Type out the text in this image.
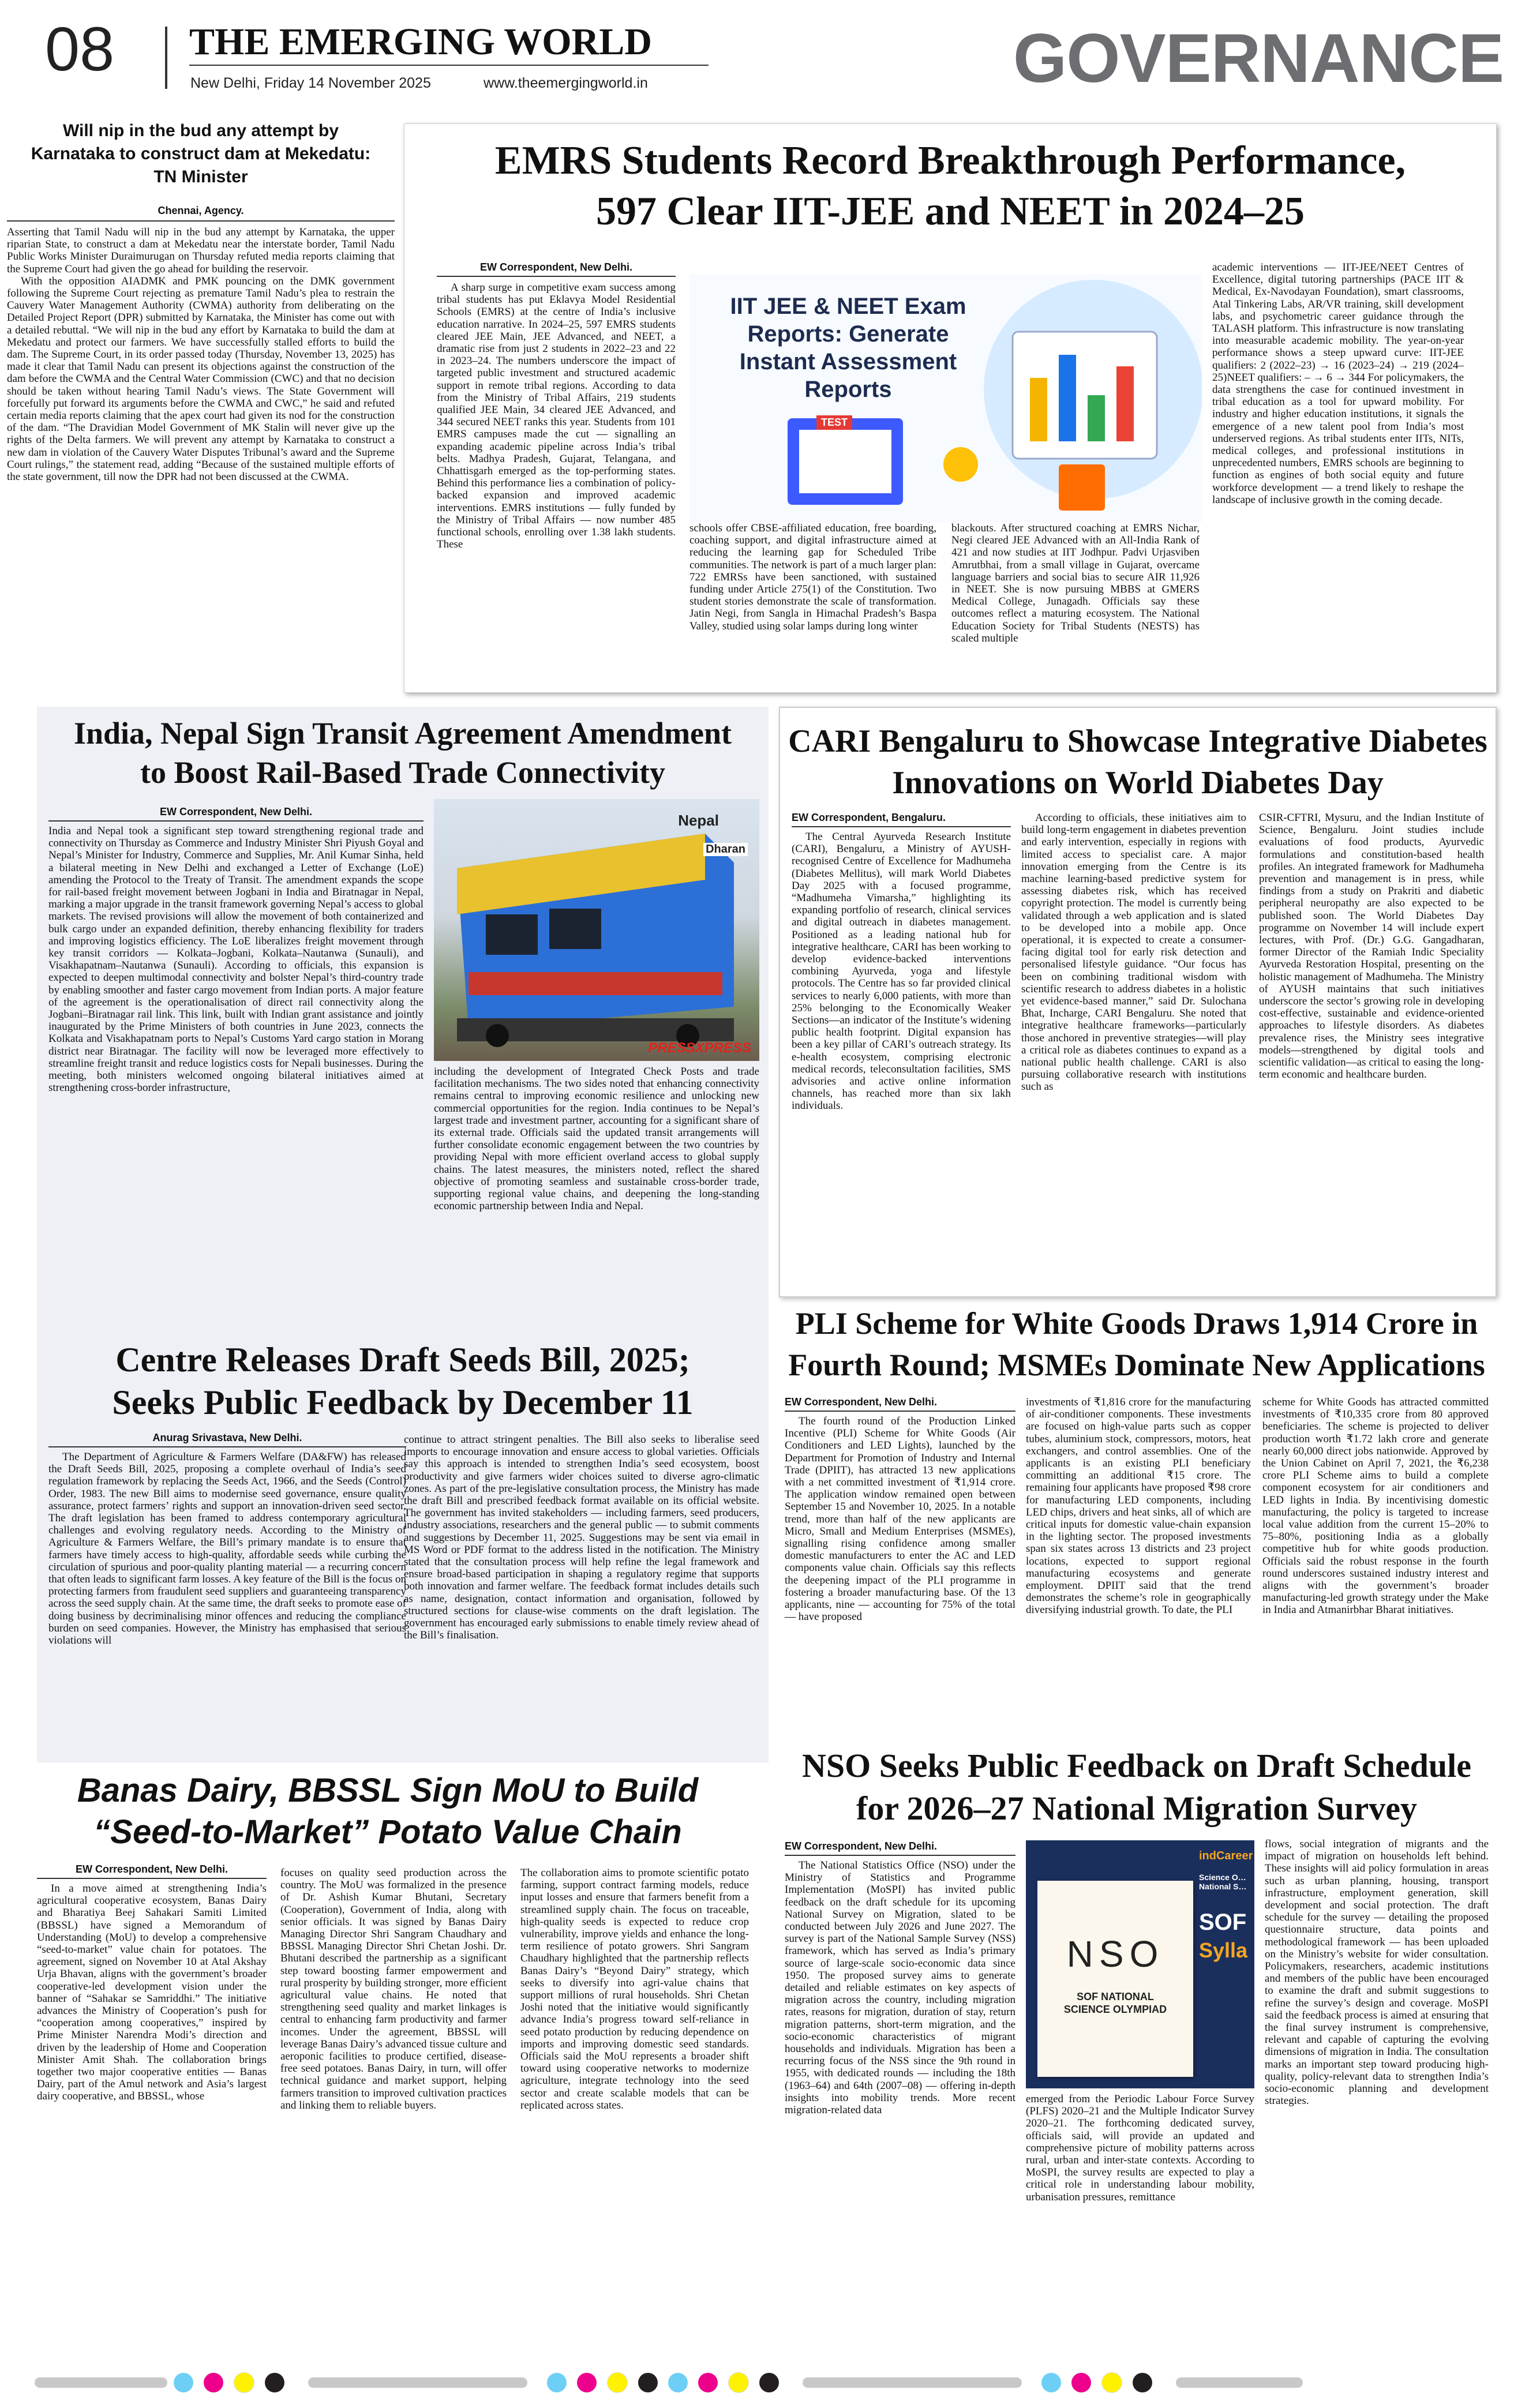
08 THE EMERGING WORLD
New Delhi, Friday 14 November 2025	www.theemergingworld.in	GOVERNANCE
Will nip in the bud any attempt by Karnataka to construct dam at Mekedatu: TN Minister
Chennai, Agency.

Asserting that Tamil Nadu will nip in the bud any attempt by Karnataka, the upper riparian State, to construct a dam at Mekedatu near the interstate border, Tamil Nadu Public Works Minister Duraimurugan on Thursday refuted media reports claiming that the Supreme Court had given the go ahead for building the reservoir.

With the opposition AIADMK and PMK pouncing on the DMK government following the Supreme Court rejecting as premature Tamil Nadu’s plea to restrain the Cauvery Water Management Authority (CWMA) authority from deliberating on the Detailed Project Report (DPR) submitted by Karnataka, the Minister has come out with a detailed rebuttal. “We will nip in the bud any effort by Karnataka to build the dam at Mekedatu and protect our farmers. We have successfully stalled efforts to build the dam. The Supreme Court, in its order passed today (Thursday, November 13, 2025) has made it clear that Tamil Nadu can present its objections against the construction of the dam before the CWMA and the Central Water Commission (CWC) and that no decision should be taken without hearing Tamil Nadu’s views. The State Government will forcefully put forward its arguments before the CWMA and CWC,” he said and refuted certain media reports claiming that the apex court had given its nod for the construction of the dam. “The Dravidian Model Government of MK Stalin will never give up the rights of the Delta farmers. We will prevent any attempt by Karnataka to construct a new dam in violation of the Cauvery Water Disputes Tribunal’s award and the Supreme Court rulings,” the statement read, adding “Because of the sustained multiple efforts of the state government, till now the DPR had not been discussed at the CWMA.

EMRS Students Record Breakthrough Performance,
597 Clear IIT-JEE and NEET in 2024–25
EW Correspondent, New Delhi.

A sharp surge in competitive exam success among tribal students has put Eklavya Model Residential Schools (EMRS) at the centre of India’s inclusive education narrative. In 2024–25, 597 EMRS students cleared JEE Main, JEE Advanced, and NEET, a dramatic rise from just 2 students in 2022–23 and 22 in 2023–24. The numbers underscore the impact of targeted public investment and structured academic support in remote tribal regions. According to data from the Ministry of Tribal Affairs, 219 students qualified JEE Main, 34 cleared JEE Advanced, and 344 secured NEET ranks this year. Students from 101 EMRS campuses made the cut — signalling an expanding academic pipeline across India’s tribal belts. Madhya Pradesh, Gujarat, Telangana, and Chhattisgarh emerged as the top-performing states. Behind this performance lies a combination of policy-backed expansion and improved academic interventions. EMRS institutions — fully funded by the Ministry of Tribal Affairs — now number 485 functional schools, enrolling over 1.38 lakh students. These

IIT JEE & NEET Exam Reports: Generate Instant Assessment Reports
TEST

schools offer CBSE-affiliated education, free boarding, coaching support, and digital infrastructure aimed at reducing the learning gap for Scheduled Tribe communities. The network is part of a much larger plan: 722 EMRSs have been sanctioned, with sustained funding under Article 275(1) of the Constitution. Two student stories demonstrate the scale of transformation. Jatin Negi, from Sangla in Himachal Pradesh’s Baspa Valley, studied using solar lamps during long winter

blackouts. After structured coaching at EMRS Nichar, Negi cleared JEE Advanced with an All-India Rank of 421 and now studies at IIT Jodhpur. Padvi Urjasviben Amrutbhai, from a small village in Gujarat, overcame language barriers and social bias to secure AIR 11,926 in NEET. She is now pursuing MBBS at GMERS Medical College, Junagadh. Officials say these outcomes reflect a maturing ecosystem. The National Education Society for Tribal Students (NESTS) has scaled multiple

academic interventions — IIT-JEE/NEET Centres of Excellence, digital tutoring partnerships (PACE IIT & Medical, Ex-Navodayan Foundation), smart classrooms, Atal Tinkering Labs, AR/VR training, skill development labs, and psychometric career guidance through the TALASH platform. This infrastructure is now translating into measurable academic mobility. The year-on-year performance shows a steep upward curve: IIT-JEE qualifiers: 2 (2022–23) → 16 (2023–24) → 219 (2024–25)NEET qualifiers: – → 6 → 344 For policymakers, the data strengthens the case for continued investment in tribal education as a tool for upward mobility. For industry and higher education institutions, it signals the emergence of a new talent pool from India’s most underserved regions. As tribal students enter IITs, NITs, medical colleges, and professional institutions in unprecedented numbers, EMRS schools are beginning to function as engines of both social equity and future workforce development — a trend likely to reshape the landscape of inclusive growth in the coming decade.

India, Nepal Sign Transit Agreement Amendment
to Boost Rail-Based Trade Connectivity
EW Correspondent, New Delhi.

India and Nepal took a significant step toward strengthening regional trade and connectivity on Thursday as Commerce and Industry Minister Shri Piyush Goyal and Nepal’s Minister for Industry, Commerce and Supplies, Mr. Anil Kumar Sinha, held a bilateral meeting in New Delhi and exchanged a Letter of Exchange (LoE) amending the Protocol to the Treaty of Transit. The amendment expands the scope for rail-based freight movement between Jogbani in India and Biratnagar in Nepal, marking a major upgrade in the transit framework governing Nepal’s access to global markets. The revised provisions will allow the movement of both containerized and bulk cargo under an expanded definition, thereby enhancing flexibility for traders and improving logistics efficiency. The LoE liberalizes freight movement through key transit corridors — Kolkata–Jogbani, Kolkata–Nautanwa (Sunauli), and Visakhapatnam–Nautanwa (Sunauli). According to officials, this expansion is expected to deepen multimodal connectivity and bolster Nepal’s third-country trade by enabling smoother and faster cargo movement from Indian ports. A major feature of the agreement is the operationalisation of direct rail connectivity along the Jogbani–Biratnagar rail link. This link, built with Indian grant assistance and jointly inaugurated by the Prime Ministers of both countries in June 2023, connects the Kolkata and Visakhapatnam ports to Nepal’s Customs Yard cargo station in Morang district near Biratnagar. The facility will now be leveraged more effectively to streamline freight transit and reduce logistics costs for Nepali businesses. During the meeting, both ministers welcomed ongoing bilateral initiatives aimed at strengthening cross-border infrastructure,

Nepal
Dharan
PRESSXPRESS

including the development of Integrated Check Posts and trade facilitation mechanisms. The two sides noted that enhancing connectivity remains central to improving economic resilience and unlocking new commercial opportunities for the region. India continues to be Nepal’s largest trade and investment partner, accounting for a significant share of its external trade. Officials said the updated transit arrangements will further consolidate economic engagement between the two countries by providing Nepal with more efficient overland access to global supply chains. The latest measures, the ministers noted, reflect the shared objective of promoting seamless and sustainable cross-border trade, supporting regional value chains, and deepening the long-standing economic partnership between India and Nepal.

CARI Bengaluru to Showcase Integrative Diabetes
Innovations on World Diabetes Day
EW Correspondent, Bengaluru.

The Central Ayurveda Research Institute (CARI), Bengaluru, a Ministry of AYUSH-recognised Centre of Excellence for Madhumeha (Diabetes Mellitus), will mark World Diabetes Day 2025 with a focused programme, “Madhumeha Vimarsha,” highlighting its expanding portfolio of research, clinical services and digital outreach in diabetes management. Positioned as a leading national hub for integrative healthcare, CARI has been working to develop evidence-backed interventions combining Ayurveda, yoga and lifestyle protocols. The Centre has so far provided clinical services to nearly 6,000 patients, with more than 25% belonging to the Economically Weaker Sections—an indicator of the Institute’s widening public health footprint. Digital expansion has been a key pillar of CARI’s outreach strategy. Its e-health ecosystem, comprising electronic medical records, teleconsultation facilities, SMS advisories and active online information channels, has reached more than six lakh individuals.

According to officials, these initiatives aim to build long-term engagement in diabetes prevention and early intervention, especially in regions with limited access to specialist care. A major innovation emerging from the Centre is its machine learning-based predictive system for assessing diabetes risk, which has received copyright protection. The model is currently being validated through a web application and is slated to be developed into a mobile app. Once operational, it is expected to create a consumer-facing digital tool for early risk detection and personalised lifestyle guidance. “Our focus has been on combining traditional wisdom with scientific research to address diabetes in a holistic yet evidence-based manner,” said Dr. Sulochana Bhat, Incharge, CARI Bengaluru. She noted that integrative healthcare frameworks—particularly those anchored in preventive strategies—will play a critical role as diabetes continues to expand as a national public health challenge. CARI is also pursuing collaborative research with institutions such as

CSIR-CFTRI, Mysuru, and the Indian Institute of Science, Bengaluru. Joint studies include evaluations of food products, Ayurvedic formulations and constitution-based health profiles. An integrated framework for Madhumeha prevention and management is in press, while findings from a study on Prakriti and diabetic peripheral neuropathy are also expected to be published soon. The World Diabetes Day programme on November 14 will include expert lectures, with Prof. (Dr.) G.G. Gangadharan, former Director of the Ramiah Indic Speciality Ayurveda Restoration Hospital, presenting on the holistic management of Madhumeha. The Ministry of AYUSH maintains that such initiatives underscore the sector’s growing role in developing cost-effective, sustainable and evidence-oriented approaches to lifestyle disorders. As diabetes prevalence rises, the Ministry sees integrative models—strengthened by digital tools and scientific validation—as critical to easing the long-term economic and healthcare burden.

Centre Releases Draft Seeds Bill, 2025;
Seeks Public Feedback by December 11
Anurag Srivastava, New Delhi.

The Department of Agriculture & Farmers Welfare (DA&FW) has released the Draft Seeds Bill, 2025, proposing a complete overhaul of India’s seed regulation framework by replacing the Seeds Act, 1966, and the Seeds (Control) Order, 1983. The new Bill aims to modernise seed governance, ensure quality assurance, protect farmers’ rights and support an innovation-driven seed sector. The draft legislation has been framed to address contemporary agricultural challenges and evolving regulatory needs. According to the Ministry of Agriculture & Farmers Welfare, the Bill’s primary mandate is to ensure that farmers have timely access to high-quality, affordable seeds while curbing the circulation of spurious and poor-quality planting material — a recurring concern that often leads to significant farm losses. A key feature of the Bill is the focus on protecting farmers from fraudulent seed suppliers and guaranteeing transparency across the seed supply chain. At the same time, the draft seeks to promote ease of doing business by decriminalising minor offences and reducing the compliance burden on seed companies. However, the Ministry has emphasised that serious violations will

continue to attract stringent penalties. The Bill also seeks to liberalise seed imports to encourage innovation and ensure access to global varieties. Officials say this approach is intended to strengthen India’s seed ecosystem, boost productivity and give farmers wider choices suited to diverse agro-climatic zones. As part of the pre-legislative consultation process, the Ministry has made the draft Bill and prescribed feedback format available on its official website. The government has invited stakeholders — including farmers, seed producers, industry associations, researchers and the general public — to submit comments and suggestions by December 11, 2025. Suggestions may be sent via email in MS Word or PDF format to the address listed in the notification. The Ministry stated that the consultation process will help refine the legal framework and ensure broad-based participation in shaping a regulatory regime that supports both innovation and farmer welfare. The feedback format includes details such as name, designation, contact information and organisation, followed by structured sections for clause-wise comments on the draft legislation. The government has encouraged early submissions to enable timely review ahead of the Bill’s finalisation.

PLI Scheme for White Goods Draws 1,914 Crore in
Fourth Round; MSMEs Dominate New Applications
EW Correspondent, New Delhi.

The fourth round of the Production Linked Incentive (PLI) Scheme for White Goods (Air Conditioners and LED Lights), launched by the Department for Promotion of Industry and Internal Trade (DPIIT), has attracted 13 new applications with a net committed investment of ₹1,914 crore. The application window remained open between September 15 and November 10, 2025. In a notable trend, more than half of the new applicants are Micro, Small and Medium Enterprises (MSMEs), signalling rising confidence among smaller domestic manufacturers to enter the AC and LED components value chain. Officials say this reflects the deepening impact of the PLI programme in fostering a broader manufacturing base. Of the 13 applicants, nine — accounting for 75% of the total — have proposed

investments of ₹1,816 crore for the manufacturing of air-conditioner components. These investments are focused on high-value parts such as copper tubes, aluminium stock, compressors, motors, heat exchangers, and control assemblies. One of the applicants is an existing PLI beneficiary committing an additional ₹15 crore. The remaining four applicants have proposed ₹98 crore for manufacturing LED components, including LED chips, drivers and heat sinks, all of which are critical inputs for domestic value-chain expansion in the lighting sector. The proposed investments span six states across 13 districts and 23 project locations, expected to support regional manufacturing ecosystems and generate employment. DPIIT said that the trend demonstrates the scheme’s role in geographically diversifying industrial growth. To date, the PLI

scheme for White Goods has attracted committed investments of ₹10,335 crore from 80 approved beneficiaries. The scheme is projected to deliver production worth ₹1.72 lakh crore and generate nearly 60,000 direct jobs nationwide. Approved by the Union Cabinet on April 7, 2021, the ₹6,238 crore PLI Scheme aims to build a complete component ecosystem for air conditioners and LED lights in India. By incentivising domestic manufacturing, the policy is targeted to increase local value addition from the current 15–20% to 75–80%, positioning India as a globally competitive hub for white goods production. Officials said the robust response in the fourth round underscores sustained industry interest and aligns with the government’s broader manufacturing-led growth strategy under the Make in India and Atmanirbhar Bharat initiatives.

Banas Dairy, BBSSL Sign MoU to Build
“Seed-to-Market” Potato Value Chain
EW Correspondent, New Delhi.

In a move aimed at strengthening India’s agricultural cooperative ecosystem, Banas Dairy and Bharatiya Beej Sahakari Samiti Limited (BBSSL) have signed a Memorandum of Understanding (MoU) to develop a comprehensive “seed-to-market” value chain for potatoes. The agreement, signed on November 10 at Atal Akshay Urja Bhavan, aligns with the government’s broader cooperative-led development vision under the banner of “Sahakar se Samriddhi.” The initiative advances the Ministry of Cooperation’s push for “cooperation among cooperatives,” inspired by Prime Minister Narendra Modi’s direction and driven by the leadership of Home and Cooperation Minister Amit Shah. The collaboration brings together two major cooperative entities — Banas Dairy, part of the Amul network and Asia’s largest dairy cooperative, and BBSSL, whose

focuses on quality seed production across the country. The MoU was formalized in the presence of Dr. Ashish Kumar Bhutani, Secretary (Cooperation), Government of India, along with senior officials. It was signed by Banas Dairy Managing Director Shri Sangram Chaudhary and BBSSL Managing Director Shri Chetan Joshi. Dr. Bhutani described the partnership as a significant step toward boosting farmer empowerment and rural prosperity by building stronger, more efficient agricultural value chains. He noted that strengthening seed quality and market linkages is central to enhancing farm productivity and farmer incomes. Under the agreement, BBSSL will leverage Banas Dairy’s advanced tissue culture and aeroponic facilities to produce certified, disease-free seed potatoes. Banas Dairy, in turn, will offer technical guidance and market support, helping farmers transition to improved cultivation practices and linking them to reliable buyers.

The collaboration aims to promote scientific potato farming, support contract farming models, reduce input losses and ensure that farmers benefit from a streamlined supply chain. The focus on traceable, high-quality seeds is expected to reduce crop vulnerability, improve yields and enhance the long-term resilience of potato growers. Shri Sangram Chaudhary highlighted that the partnership reflects Banas Dairy’s “Beyond Dairy” strategy, which seeks to diversify into agri-value chains that support millions of rural households. Shri Chetan Joshi noted that the initiative would significantly advance India’s progress toward self-reliance in seed potato production by reducing dependence on imports and improving domestic seed standards. Officials said the MoU represents a broader shift toward using cooperative networks to modernize agriculture, integrate technology into the seed sector and create scalable models that can be replicated across states.

NSO Seeks Public Feedback on Draft Schedule
for 2026–27 National Migration Survey
EW Correspondent, New Delhi.

The National Statistics Office (NSO) under the Ministry of Statistics and Programme Implementation (MoSPI) has invited public feedback on the draft schedule for its upcoming National Survey on Migration, slated to be conducted between July 2026 and June 2027. The survey is part of the National Sample Survey (NSS) framework, which has served as India’s primary source of large-scale socio-economic data since 1950. The proposed survey aims to generate detailed and reliable estimates on key aspects of migration across the country, including migration rates, reasons for migration, duration of stay, return migration patterns, short-term migration, and the socio-economic characteristics of migrant households and individuals. Migration has been a recurring focus of the NSS since the 9th round in 1955, with dedicated rounds — including the 18th (1963–64) and 64th (2007–08) — offering in-depth insights into mobility trends. More recent migration-related data

NSO
SOF NATIONAL
SCIENCE OLYMPIAD
indCareer
Science O… National S…
SOF
Sylla

emerged from the Periodic Labour Force Survey (PLFS) 2020–21 and the Multiple Indicator Survey 2020–21. The forthcoming dedicated survey, officials said, will provide an updated and comprehensive picture of mobility patterns across rural, urban and inter-state contexts. According to MoSPI, the survey results are expected to play a critical role in understanding labour mobility, urbanisation pressures, remittance

flows, social integration of migrants and the impact of migration on households left behind. These insights will aid policy formulation in areas such as urban planning, housing, transport infrastructure, employment generation, skill development and social protection. The draft schedule for the survey — detailing the proposed questionnaire structure, data points and methodological framework — has been uploaded on the Ministry’s website for wider consultation. Policymakers, researchers, academic institutions and members of the public have been encouraged to examine the draft and submit suggestions to refine the survey’s design and coverage. MoSPI said the feedback process is aimed at ensuring that the final survey instrument is comprehensive, relevant and capable of capturing the evolving dimensions of migration in India. The consultation marks an important step toward producing high-quality, policy-relevant data to strengthen India’s socio-economic planning and development strategies.
